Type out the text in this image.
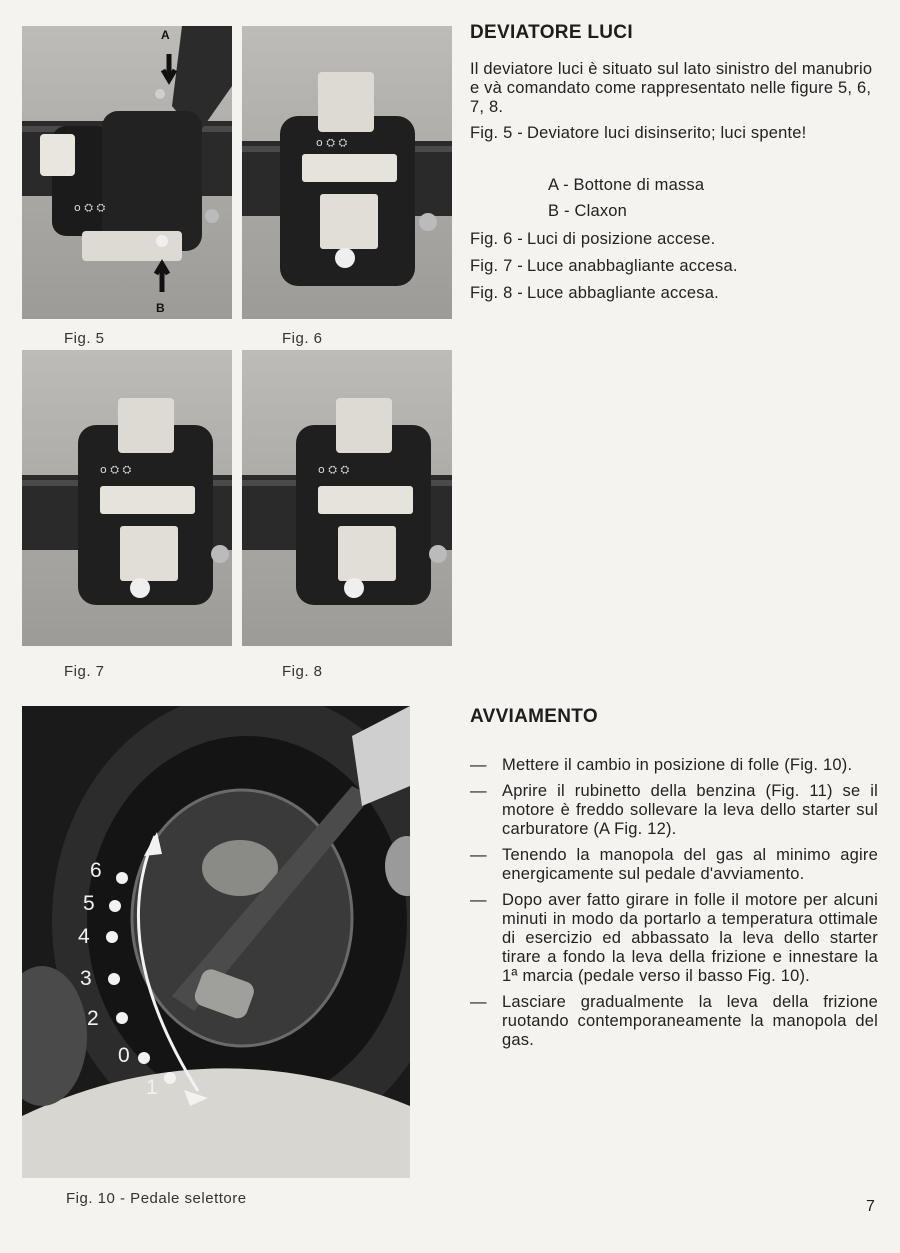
o ⛭ ⛭
A
B
o ⛭ ⛭
o ⛭ ⛭	o ⛭ ⛭
6
5
4
3
2
0
1
Fig. 5	Fig. 6
Fig. 7	Fig. 8
Fig. 10 - Pedale selettore
DEVIATORE LUCI

Il deviatore luci è situato sul lato sinistro del manubrio e và comandato come rappresentato nelle figure 5, 6, 7, 8.

Fig. 5 - Deviatore luci disinserito; luci spente!
A - Bottone di massa
B - Claxon
Fig. 6 - Luci di posizione accese.
Fig. 7 - Luce anabbagliante accesa.
Fig. 8 - Luce abbagliante accesa.
AVVIAMENTO
— Mettere il cambio in posizione di folle (Fig. 10).
— Aprire il rubinetto della benzina (Fig. 11) se il motore è freddo sollevare la leva dello starter sul carburatore (A Fig. 12).
— Tenendo la manopola del gas al minimo agire energicamente sul pedale d'avviamento.
— Dopo aver fatto girare in folle il motore per alcuni minuti in modo da portarlo a temperatura ottimale di esercizio ed abbassato la leva dello starter tirare a fondo la leva della frizione e innestare la 1ª marcia (pedale verso il basso Fig. 10).
— Lasciare gradualmente la leva della frizione ruotando contemporaneamente la manopola del gas.
7
